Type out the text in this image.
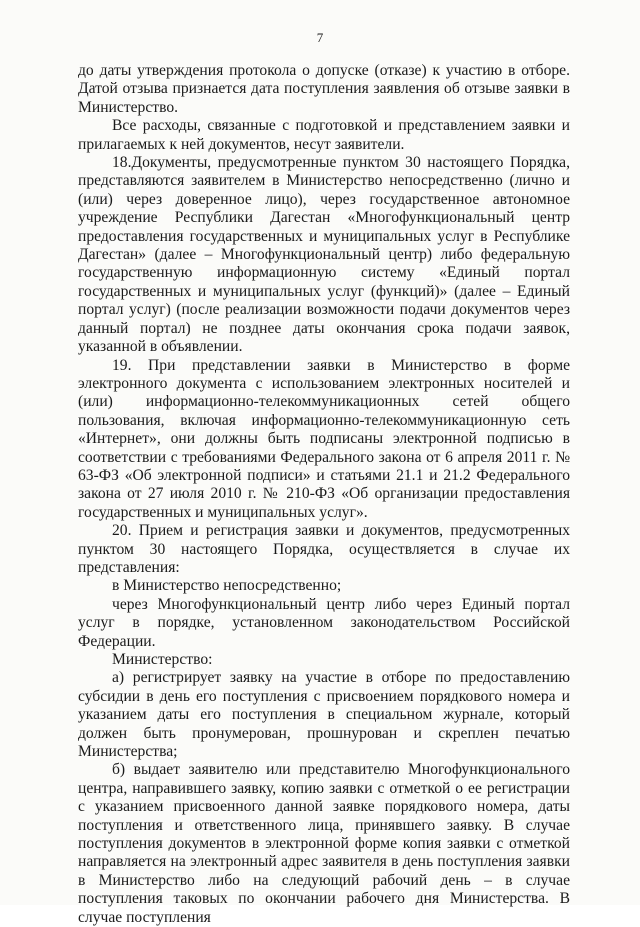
7

до даты утверждения протокола о допуске (отказе) к участию в отборе. Датой отзыва признается дата поступления заявления об отзыве заявки в Министерство.

Все расходы, связанные с подготовкой и представлением заявки и прилагаемых к ней документов, несут заявители.

18.Документы, предусмотренные пунктом 30 настоящего Порядка, представляются заявителем в Министерство непосредственно (лично и (или) через доверенное лицо), через государственное автономное учреждение Республики Дагестан «Многофункциональный центр предоставления государственных и муниципальных услуг в Республике Дагестан» (далее – Многофункциональный центр) либо федеральную государственную информационную систему «Единый портал государственных и муниципальных услуг (функций)» (далее – Единый портал услуг) (после реализации возможности подачи документов через данный портал) не позднее даты окончания срока подачи заявок, указанной в объявлении.

19. При представлении заявки в Министерство в форме электронного документа с использованием электронных носителей и (или) информационно-телекоммуникационных сетей общего пользования, включая информационно-телекоммуникационную сеть «Интернет», они должны быть подписаны электронной подписью в соответствии с требованиями Федерального закона от 6 апреля 2011 г. № 63-ФЗ «Об электронной подписи» и статьями 21.1 и 21.2 Федерального закона от 27 июля 2010 г. № 210-ФЗ «Об организации предоставления государственных и муниципальных услуг».

20. Прием и регистрация заявки и документов, предусмотренных пунктом 30 настоящего Порядка, осуществляется в случае их представления:

в Министерство непосредственно;

через Многофункциональный центр либо через Единый портал услуг в порядке, установленном законодательством Российской Федерации.

Министерство:

а) регистрирует заявку на участие в отборе по предоставлению субсидии в день его поступления с присвоением порядкового номера и указанием даты его поступления в специальном журнале, который должен быть пронумерован, прошнурован и скреплен печатью Министерства;

б) выдает заявителю или представителю Многофункционального центра, направившего заявку, копию заявки с отметкой о ее регистрации с указанием присвоенного данной заявке порядкового номера, даты поступления и ответственного лица, принявшего заявку. В случае поступления документов в электронной форме копия заявки с отметкой направляется на электронный адрес заявителя в день поступления заявки в Министерство либо на следующий рабочий день – в случае поступления таковых по окончании рабочего дня Министерства. В случае поступления
